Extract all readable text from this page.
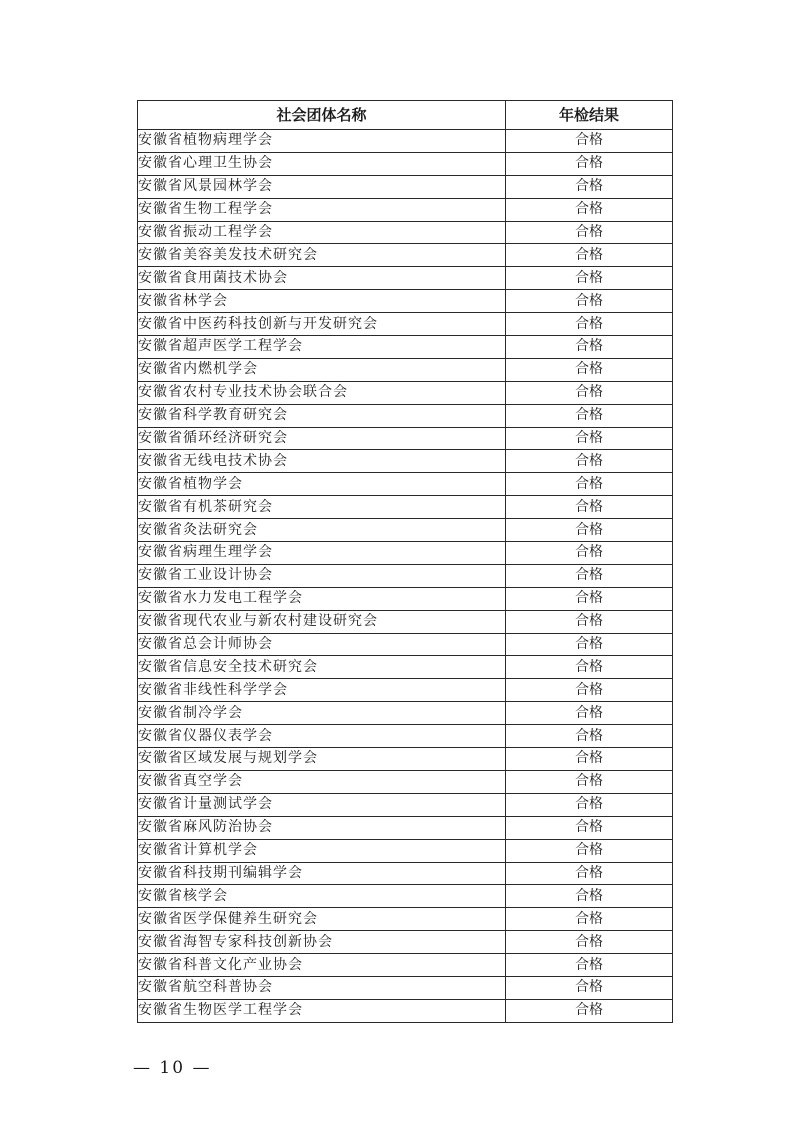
社会团体名称	年检结果
安徽省植物病理学会	合格
安徽省心理卫生协会	合格
安徽省风景园林学会	合格
安徽省生物工程学会	合格
安徽省振动工程学会	合格
安徽省美容美发技术研究会	合格
安徽省食用菌技术协会	合格
安徽省林学会	合格
安徽省中医药科技创新与开发研究会	合格
安徽省超声医学工程学会	合格
安徽省内燃机学会	合格
安徽省农村专业技术协会联合会	合格
安徽省科学教育研究会	合格
安徽省循环经济研究会	合格
安徽省无线电技术协会	合格
安徽省植物学会	合格
安徽省有机茶研究会	合格
安徽省灸法研究会	合格
安徽省病理生理学会	合格
安徽省工业设计协会	合格
安徽省水力发电工程学会	合格
安徽省现代农业与新农村建设研究会	合格
安徽省总会计师协会	合格
安徽省信息安全技术研究会	合格
安徽省非线性科学学会	合格
安徽省制冷学会	合格
安徽省仪器仪表学会	合格
安徽省区域发展与规划学会	合格
安徽省真空学会	合格
安徽省计量测试学会	合格
安徽省麻风防治协会	合格
安徽省计算机学会	合格
安徽省科技期刊编辑学会	合格
安徽省核学会	合格
安徽省医学保健养生研究会	合格
安徽省海智专家科技创新协会	合格
安徽省科普文化产业协会	合格
安徽省航空科普协会	合格
安徽省生物医学工程学会	合格
— 10 —
